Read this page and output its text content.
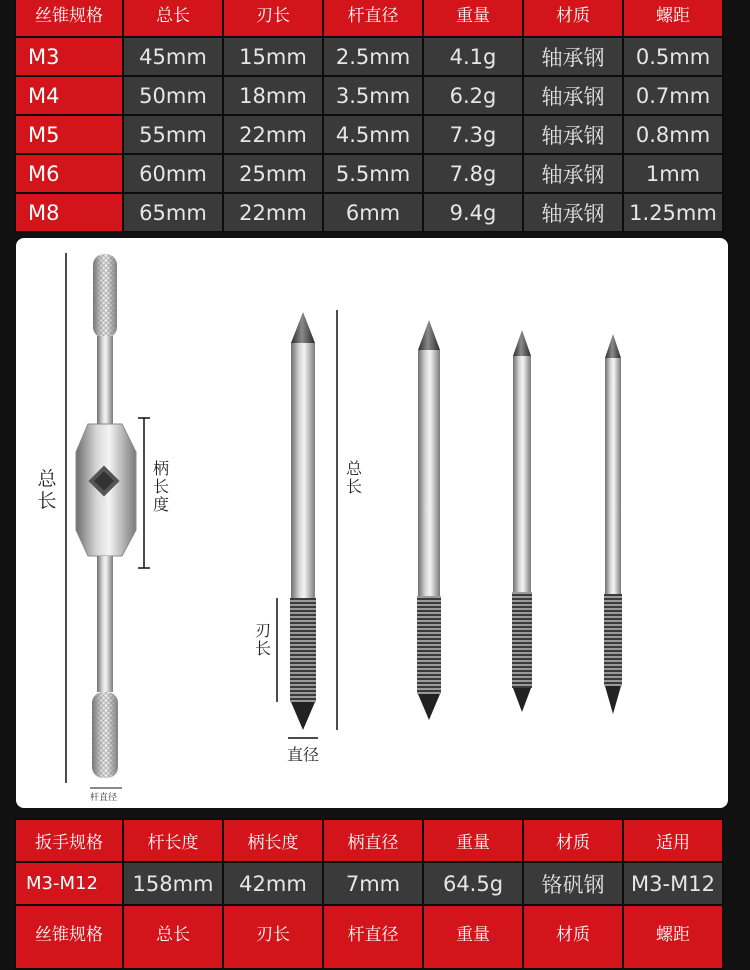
丝锥规格	总长	刃长	杆直径	重量	材质	螺距
M3	45mm	15mm	2.5mm	4.1g	轴承钢	0.5mm
M4	50mm	18mm	3.5mm	6.2g	轴承钢	0.7mm
M5	55mm	22mm	4.5mm	7.3g	轴承钢	0.8mm
M6	60mm	25mm	5.5mm	7.8g	轴承钢	1mm
M8	65mm	22mm	6mm	9.4g	轴承钢	1.25mm
总长
柄长度
杆直径
总长
刃长
直径
扳手规格	杆长度	柄长度	柄直径	重量	材质	适用
M3-M12	158mm	42mm	7mm	64.5g	铬矾钢	M3-M12
丝锥规格	总长	刃长	杆直径	重量	材质	螺距
